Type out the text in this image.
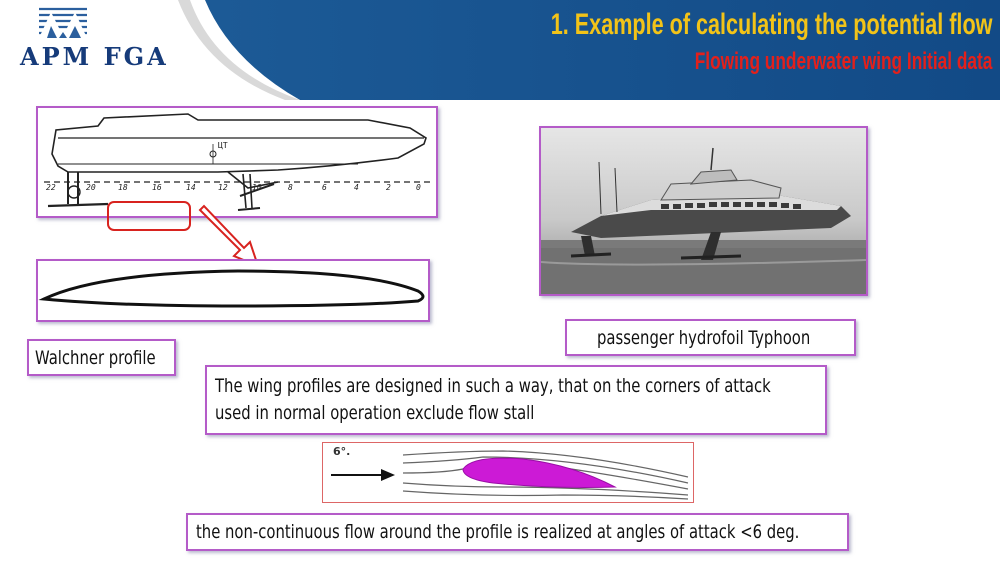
APM FGA
1. Example of calculating the potential flow
Flowing underwater wing Initial data
ЦТ
22	20	18	16	14	12	10	8	6	4	2	0
Walchner profile
passenger hydrofoil Typhoon
The wing profiles are designed in such a way, that on the corners of attack
used in normal operation exclude flow stall
6°.
the non-continuous flow around the profile is realized at angles of attack <6 deg.
